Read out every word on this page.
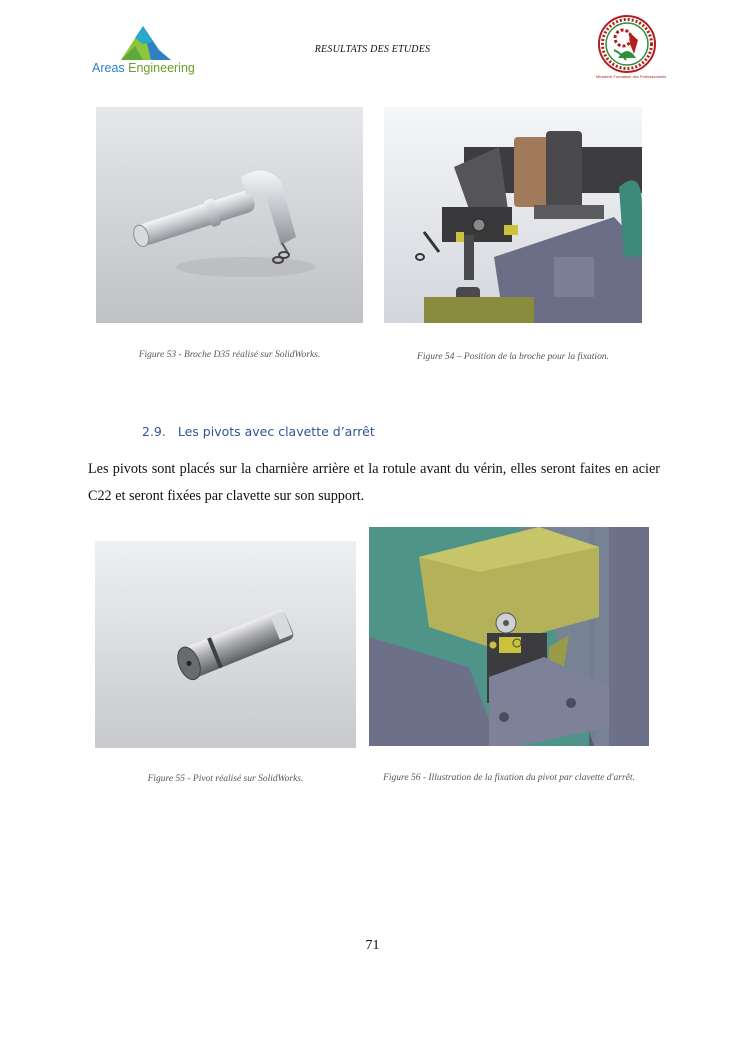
Areas Engineering
RESULTATS DES ETUDES
Ministère Formation des Professionnels
Figure 53 - Broche D35 réalisé sur SolidWorks.	Figure 54 – Position de la broche pour la fixation.
2.9. Les pivots avec clavette d’arrêt
Les pivots sont placés sur la charnière arrière et la rotule avant du vérin, elles seront faites en acier C22 et seront fixées par clavette sur son support.
Figure 55 - Pivot réalisé sur SolidWorks.	Figure 56 - Illustration de la fixation du pivot par clavette d'arrêt.
71
